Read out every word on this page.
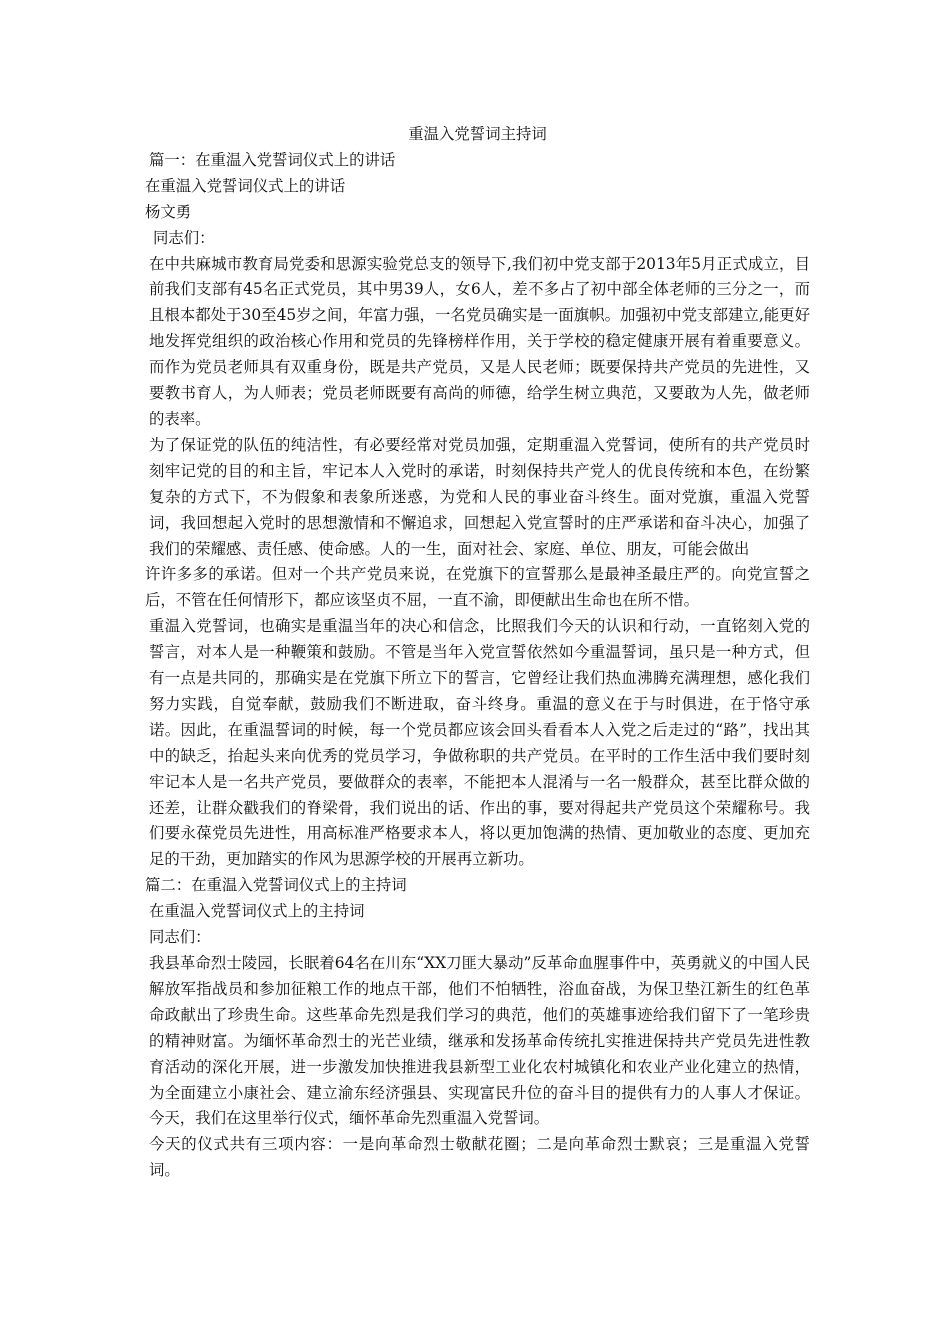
重温入党誓词主持词

篇一：在重温入党誓词仪式上的讲话

在重温入党誓词仪式上的讲话

杨文勇

同志们：

在中共麻城市教育局党委和思源实验党总支的领导下,我们初中党支部于2013年5月正式成立，目前我们支部有45名正式党员，其中男39人，女6人，差不多占了初中部全体老师的三分之一，而且根本都处于30至45岁之间，年富力强，一名党员确实是一面旗帜。加强初中党支部建立,能更好地发挥党组织的政治核心作用和党员的先锋榜样作用，关于学校的稳定健康开展有着重要意义。而作为党员老师具有双重身份，既是共产党员，又是人民老师；既要保持共产党员的先进性，又要教书育人，为人师表；党员老师既要有高尚的师德，给学生树立典范，又要敢为人先，做老师的表率。

为了保证党的队伍的纯洁性，有必要经常对党员加强，定期重温入党誓词，使所有的共产党员时刻牢记党的目的和主旨，牢记本人入党时的承诺，时刻保持共产党人的优良传统和本色，在纷繁复杂的方式下，不为假象和表象所迷惑，为党和人民的事业奋斗终生。面对党旗，重温入党誓词，我回想起入党时的思想激情和不懈追求，回想起入党宣誓时的庄严承诺和奋斗决心，加强了我们的荣耀感、责任感、使命感。人的一生，面对社会、家庭、单位、朋友，可能会做出

许许多多的承诺。但对一个共产党员来说，在党旗下的宣誓那么是最神圣最庄严的。向党宣誓之后，不管在任何情形下，都应该坚贞不屈，一直不渝，即便献出生命也在所不惜。

重温入党誓词，也确实是重温当年的决心和信念，比照我们今天的认识和行动，一直铭刻入党的誓言，对本人是一种鞭策和鼓励。不管是当年入党宣誓依然如今重温誓词，虽只是一种方式，但有一点是共同的，那确实是在党旗下所立下的誓言，它曾经让我们热血沸腾充满理想，感化我们努力实践，自觉奉献，鼓励我们不断进取，奋斗终身。重温的意义在于与时俱进，在于恪守承诺。因此，在重温誓词的时候，每一个党员都应该会回头看看本人入党之后走过的“路”，找出其中的缺乏，抬起头来向优秀的党员学习，争做称职的共产党员。在平时的工作生活中我们要时刻牢记本人是一名共产党员，要做群众的表率，不能把本人混淆与一名一般群众，甚至比群众做的还差，让群众戳我们的脊梁骨，我们说出的话、作出的事，要对得起共产党员这个荣耀称号。我们要永葆党员先进性，用高标准严格要求本人，将以更加饱满的热情、更加敬业的态度、更加充足的干劲，更加踏实的作风为思源学校的开展再立新功。

篇二：在重温入党誓词仪式上的主持词

在重温入党誓词仪式上的主持词

同志们：

我县革命烈士陵园，长眠着64名在川东“XX刀匪大暴动”反革命血腥事件中，英勇就义的中国人民解放军指战员和参加征粮工作的地点干部，他们不怕牺牲，浴血奋战，为保卫垫江新生的红色革命政献出了珍贵生命。这些革命先烈是我们学习的典范，他们的英雄事迹给我们留下了一笔珍贵的精神财富。为缅怀革命烈士的光芒业绩，继承和发扬革命传统扎实推进保持共产党员先进性教育活动的深化开展，进一步激发加快推进我县新型工业化农村城镇化和农业产业化建立的热情，为全面建立小康社会、建立渝东经济强县、实现富民升位的奋斗目的提供有力的人事人才保证。今天，我们在这里举行仪式，缅怀革命先烈重温入党誓词。

今天的仪式共有三项内容：一是向革命烈士敬献花圈；二是向革命烈士默哀；三是重温入党誓词。
